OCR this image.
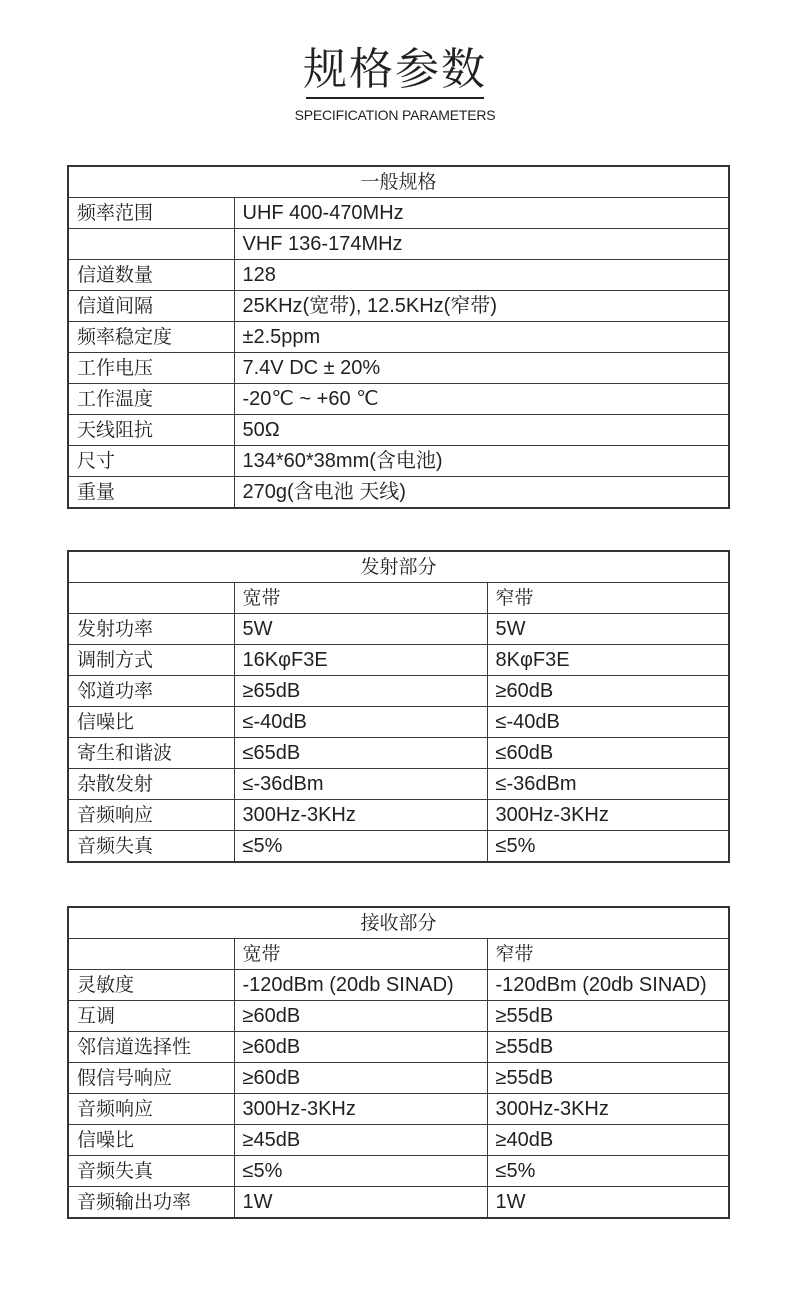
规格参数
SPECIFICATION PARAMETERS
一般规格	
频率范围	UHF 400-470MHz
	VHF 136-174MHz
信道数量	128
信道间隔	25KHz(宽带), 12.5KHz(窄带)
频率稳定度	±2.5ppm
工作电压	7.4V DC ± 20%
工作温度	-20℃ ~ +60 ℃
天线阻抗	50Ω
尺寸	134*60*38mm(含电池)
重量	270g(含电池 天线)
发射部分		
	宽带	窄带
发射功率	5W	5W
调制方式	16KφF3E	8KφF3E
邻道功率	≥65dB	≥60dB
信噪比	≤-40dB	≤-40dB
寄生和谐波	≤65dB	≤60dB
杂散发射	≤-36dBm	≤-36dBm
音频响应	300Hz-3KHz	300Hz-3KHz
音频失真	≤5%	≤5%
接收部分		
	宽带	窄带
灵敏度	-120dBm (20db SINAD)	-120dBm (20db SINAD)
互调	≥60dB	≥55dB
邻信道选择性	≥60dB	≥55dB
假信号响应	≥60dB	≥55dB
音频响应	300Hz-3KHz	300Hz-3KHz
信噪比	≥45dB	≥40dB
音频失真	≤5%	≤5%
音频输出功率	1W	1W
